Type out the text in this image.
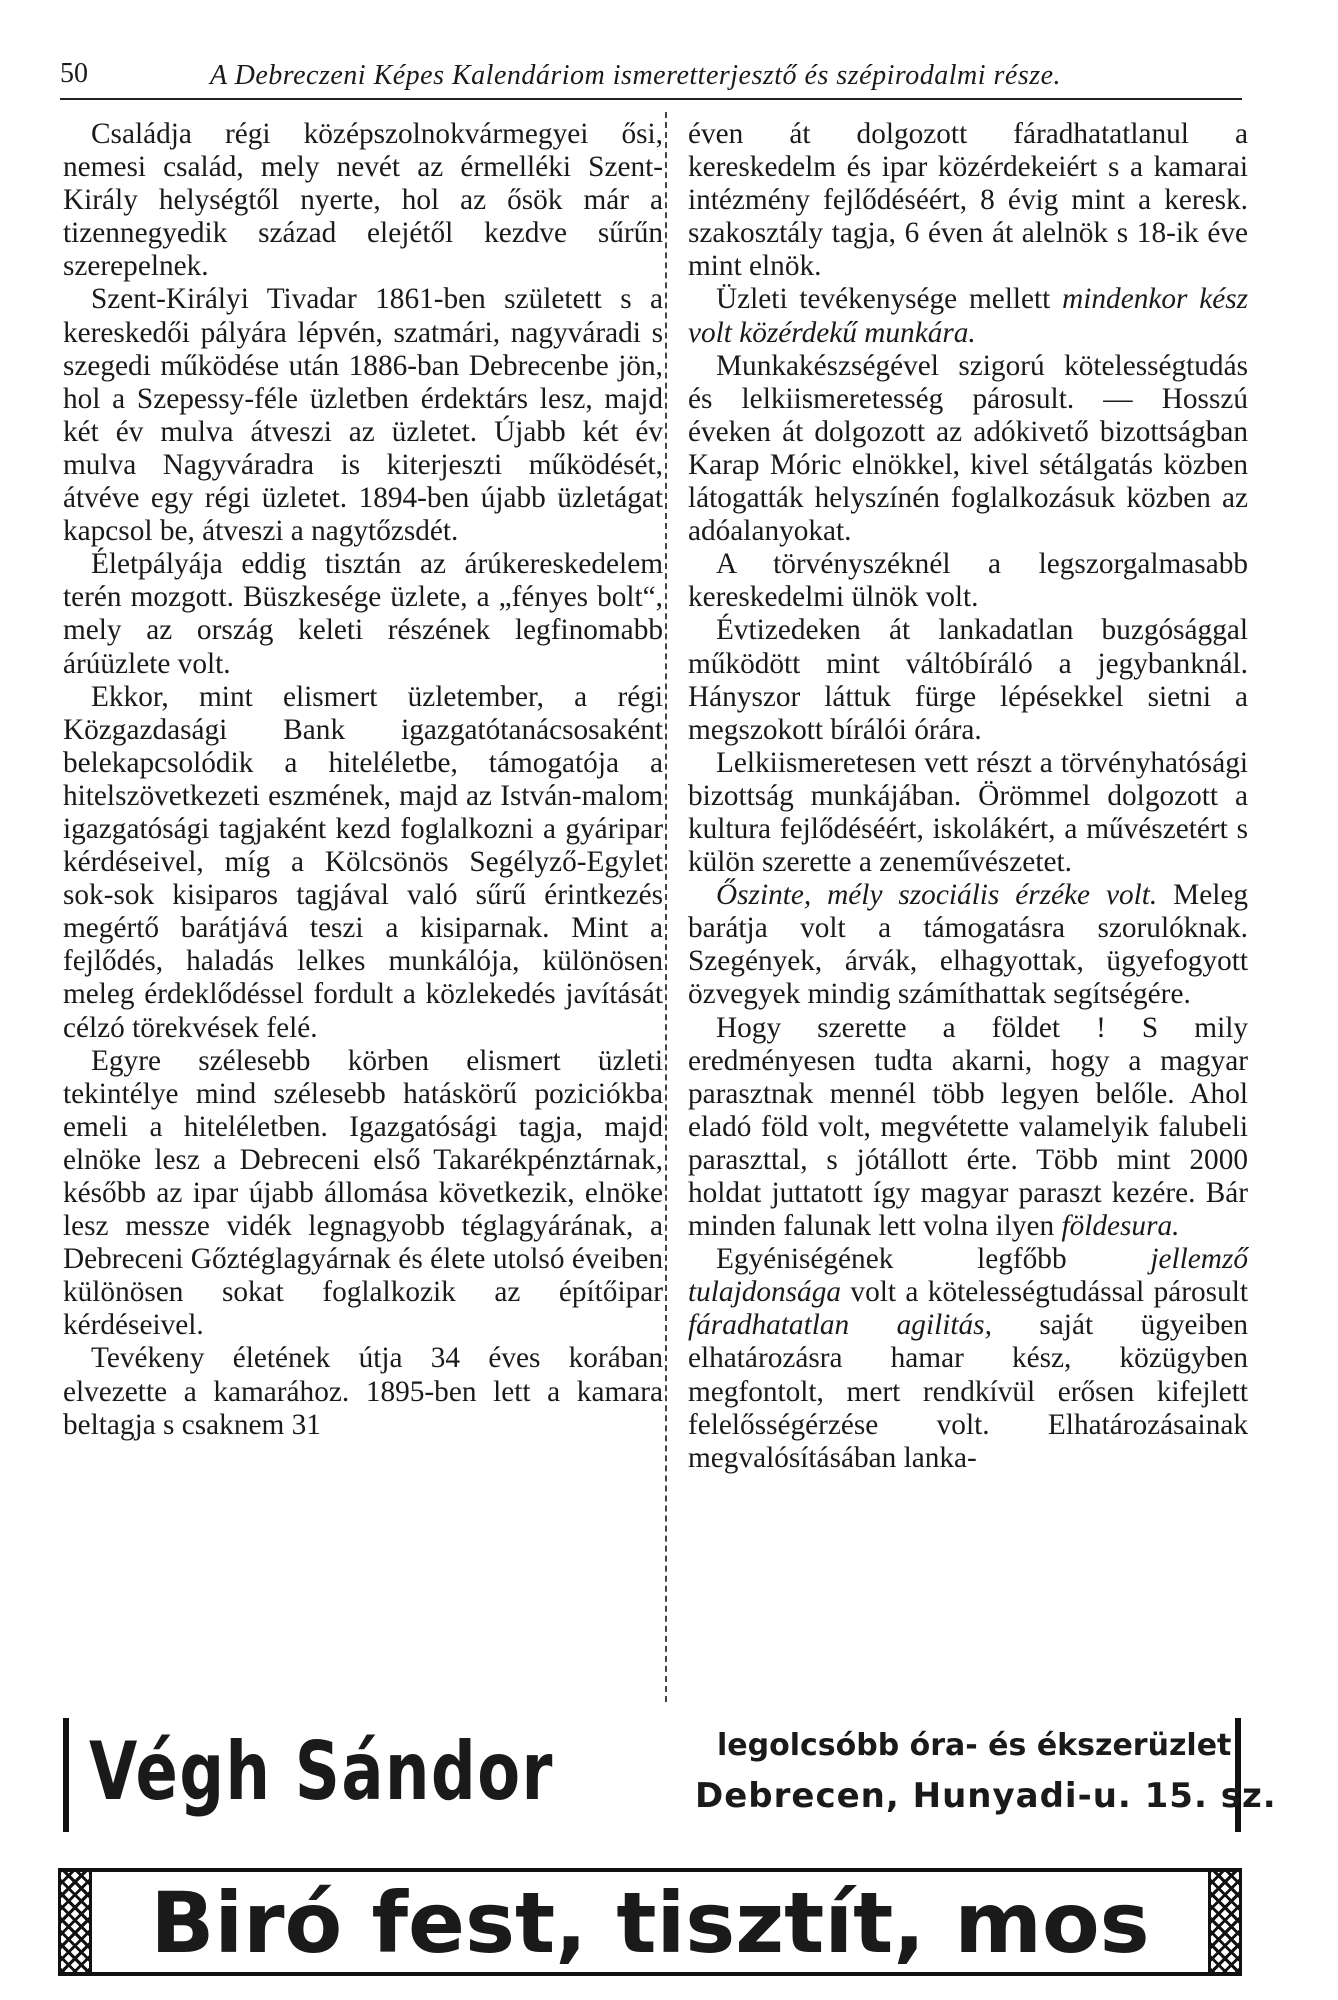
50	A Debreczeni Képes Kalendáriom ismeretterjesztő és szépirodalmi része.

Családja régi középszolnokvármegyei ősi, nemesi család, mely nevét az érmelléki Szent-Király helységtől nyerte, hol az ősök már a tizennegyedik század elejétől kezdve sűrűn szerepelnek.

Szent-Királyi Tivadar 1861-ben született s a kereskedői pályára lépvén, szatmári, nagyváradi s szegedi működése után 1886-ban Debrecenbe jön, hol a Szepessy-féle üzletben érdektárs lesz, majd két év mulva átveszi az üzletet. Újabb két év mulva Nagyváradra is kiterjeszti működését, átvéve egy régi üzletet. 1894-ben újabb üzletágat kapcsol be, átveszi a nagytőzsdét.

Életpályája eddig tisztán az árúkereskedelem terén mozgott. Büszkesége üzlete, a „fényes bolt“, mely az ország keleti részének legfinomabb árúüzlete volt.

Ekkor, mint elismert üzletember, a régi Közgazdasági Bank igazgatótanácsosaként belekapcsolódik a hiteléletbe, támogatója a hitelszövetkezeti eszmének, majd az István-malom igazgatósági tagjaként kezd foglalkozni a gyáripar kérdéseivel, míg a Kölcsönös Segélyző-Egylet sok-sok kisiparos tagjával való sűrű érintkezés megértő barátjává teszi a kisiparnak. Mint a fejlődés, haladás lelkes munkálója, különösen meleg érdeklődéssel fordult a közlekedés javítását célzó törekvések felé.

Egyre szélesebb körben elismert üzleti tekintélye mind szélesebb hatáskörű poziciókba emeli a hiteléletben. Igazgatósági tagja, majd elnöke lesz a Debreceni első Takarékpénztárnak, később az ipar újabb állomása következik, elnöke lesz messze vidék legnagyobb téglagyárának, a Debreceni Gőztéglagyárnak és élete utolsó éveiben különösen sokat foglalkozik az építőipar kérdéseivel.

Tevékeny életének útja 34 éves korában elvezette a kamarához. 1895-ben lett a kamara beltagja s csaknem 31

éven át dolgozott fáradhatatlanul a kereskedelm és ipar közérdekeiért s a kamarai intézmény fejlődéséért, 8 évig mint a keresk. szakosztály tagja, 6 éven át alelnök s 18-ik éve mint elnök.

Üzleti tevékenysége mellett mindenkor kész volt közérdekű munkára.

Munkakészségével szigorú kötelességtudás és lelkiismeretesség párosult. — Hosszú éveken át dolgozott az adókivető bizottságban Karap Móric elnökkel, kivel sétálgatás közben látogatták helyszínén foglalkozásuk közben az adóalanyokat.

A törvényszéknél a legszorgalmasabb kereskedelmi ülnök volt.

Évtizedeken át lankadatlan buzgósággal működött mint váltóbíráló a jegybanknál. Hányszor láttuk fürge lépésekkel sietni a megszokott bírálói órára.

Lelkiismeretesen vett részt a törvényhatósági bizottság munkájában. Örömmel dolgozott a kultura fejlődéséért, iskolákért, a művészetért s külön szerette a zeneművészetet.

Őszinte, mély szociális érzéke volt. Meleg barátja volt a támogatásra szorulóknak. Szegények, árvák, elhagyottak, ügyefogyott özvegyek mindig számíthattak segítségére.

Hogy szerette a földet ! S mily eredményesen tudta akarni, hogy a magyar parasztnak mennél több legyen belőle. Ahol eladó föld volt, megvétette valamelyik falubeli paraszttal, s jótállott érte. Több mint 2000 holdat juttatott így magyar paraszt kezére. Bár minden falunak lett volna ilyen földesura.

Egyéniségének legfőbb	jellemző tulajdonsága volt a kötelességtudással párosult fáradhatatlan agilitás, saját ügyeiben elhatározásra hamar kész, közügyben megfontolt, mert rendkívül erősen kifejlett felelősségérzése volt. Elhatározásainak megvalósításában lanka-

Végh Sándor	legolcsóbb óra- és ékszerüzlet
Debrecen, Hunyadi-u. 15. sz.
Biró fest, tisztít, mos
